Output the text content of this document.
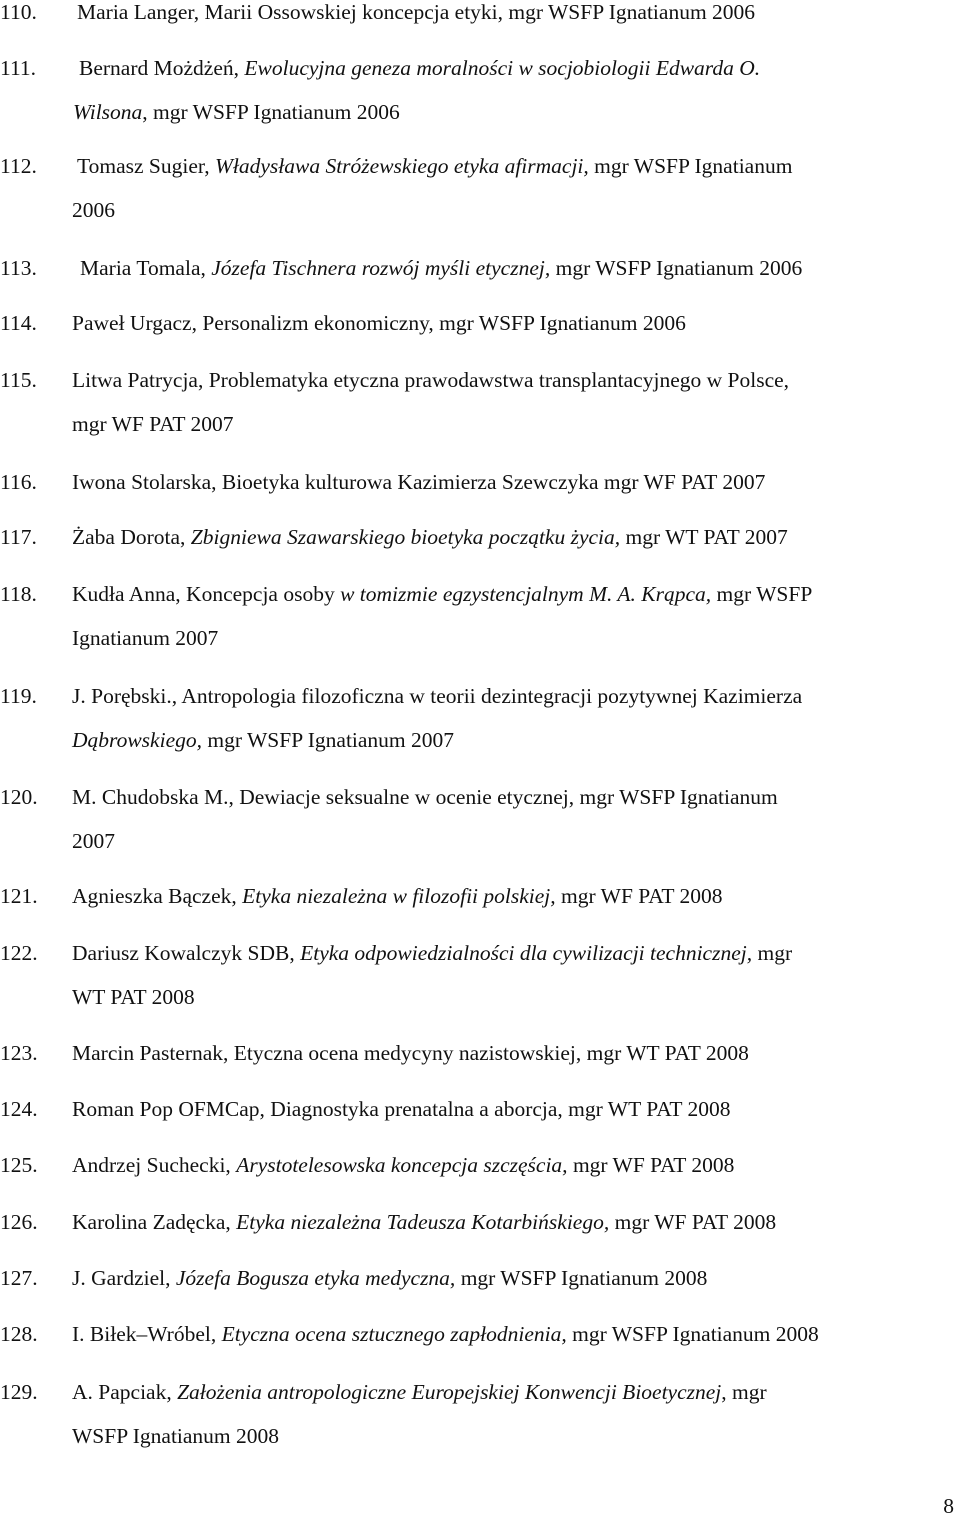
110. Maria Langer, Marii Ossowskiej koncepcja etyki, mgr WSFP Ignatianum 2006
111. Bernard Możdżeń, Ewolucyjna geneza moralności w socjobiologii Edwarda O.
Wilsona, mgr WSFP Ignatianum 2006
112. Tomasz Sugier, Władysława Stróżewskiego etyka afirmacji, mgr WSFP Ignatianum
2006
113. Maria Tomala, Józefa Tischnera rozwój myśli etycznej, mgr WSFP Ignatianum 2006
114. Paweł Urgacz, Personalizm ekonomiczny, mgr WSFP Ignatianum 2006
115. Litwa Patrycja, Problematyka etyczna prawodawstwa transplantacyjnego w Polsce,
mgr WF PAT 2007
116. Iwona Stolarska, Bioetyka kulturowa Kazimierza Szewczyka mgr WF PAT 2007
117. Żaba Dorota, Zbigniewa Szawarskiego bioetyka początku życia, mgr WT PAT 2007
118. Kudła Anna, Koncepcja osoby w tomizmie egzystencjalnym M. A. Krąpca, mgr WSFP
Ignatianum 2007
119. J. Porębski., Antropologia filozoficzna w teorii dezintegracji pozytywnej Kazimierza
Dąbrowskiego, mgr WSFP Ignatianum 2007
120. M. Chudobska M., Dewiacje seksualne w ocenie etycznej, mgr WSFP Ignatianum
2007
121. Agnieszka Bączek, Etyka niezależna w filozofii polskiej, mgr WF PAT 2008
122. Dariusz Kowalczyk SDB, Etyka odpowiedzialności dla cywilizacji technicznej, mgr
WT PAT 2008
123. Marcin Pasternak, Etyczna ocena medycyny nazistowskiej, mgr WT PAT 2008
124. Roman Pop OFMCap, Diagnostyka prenatalna a aborcja, mgr WT PAT 2008
125. Andrzej Suchecki, Arystotelesowska koncepcja szczęścia, mgr WF PAT 2008
126. Karolina Zadęcka, Etyka niezależna Tadeusza Kotarbińskiego, mgr WF PAT 2008
127. J. Gardziel, Józefa Bogusza etyka medyczna, mgr WSFP Ignatianum 2008
128. I. Biłek–Wróbel, Etyczna ocena sztucznego zapłodnienia, mgr WSFP Ignatianum 2008
129. A. Papciak, Założenia antropologiczne Europejskiej Konwencji Bioetycznej, mgr
WSFP Ignatianum 2008
8
